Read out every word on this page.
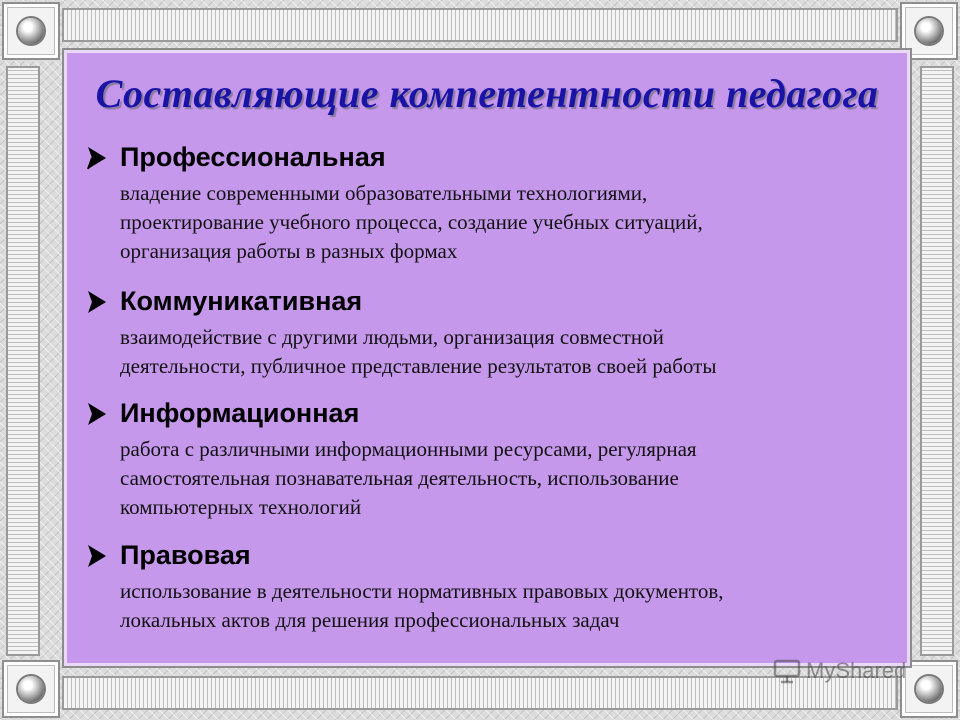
Составляющие компетентности педагога
Профессиональная
владение современными образовательными технологиями,
проектирование учебного процесса, создание учебных ситуаций,
организация работы в разных формах
Коммуникативная
взаимодействие с другими людьми, организация совместной
деятельности, публичное представление результатов своей работы
Информационная
работа с различными информационными ресурсами, регулярная
самостоятельная познавательная деятельность, использование
компьютерных технологий
Правовая
использование в деятельности нормативных правовых документов,
локальных актов для решения профессиональных задач
MyShared
